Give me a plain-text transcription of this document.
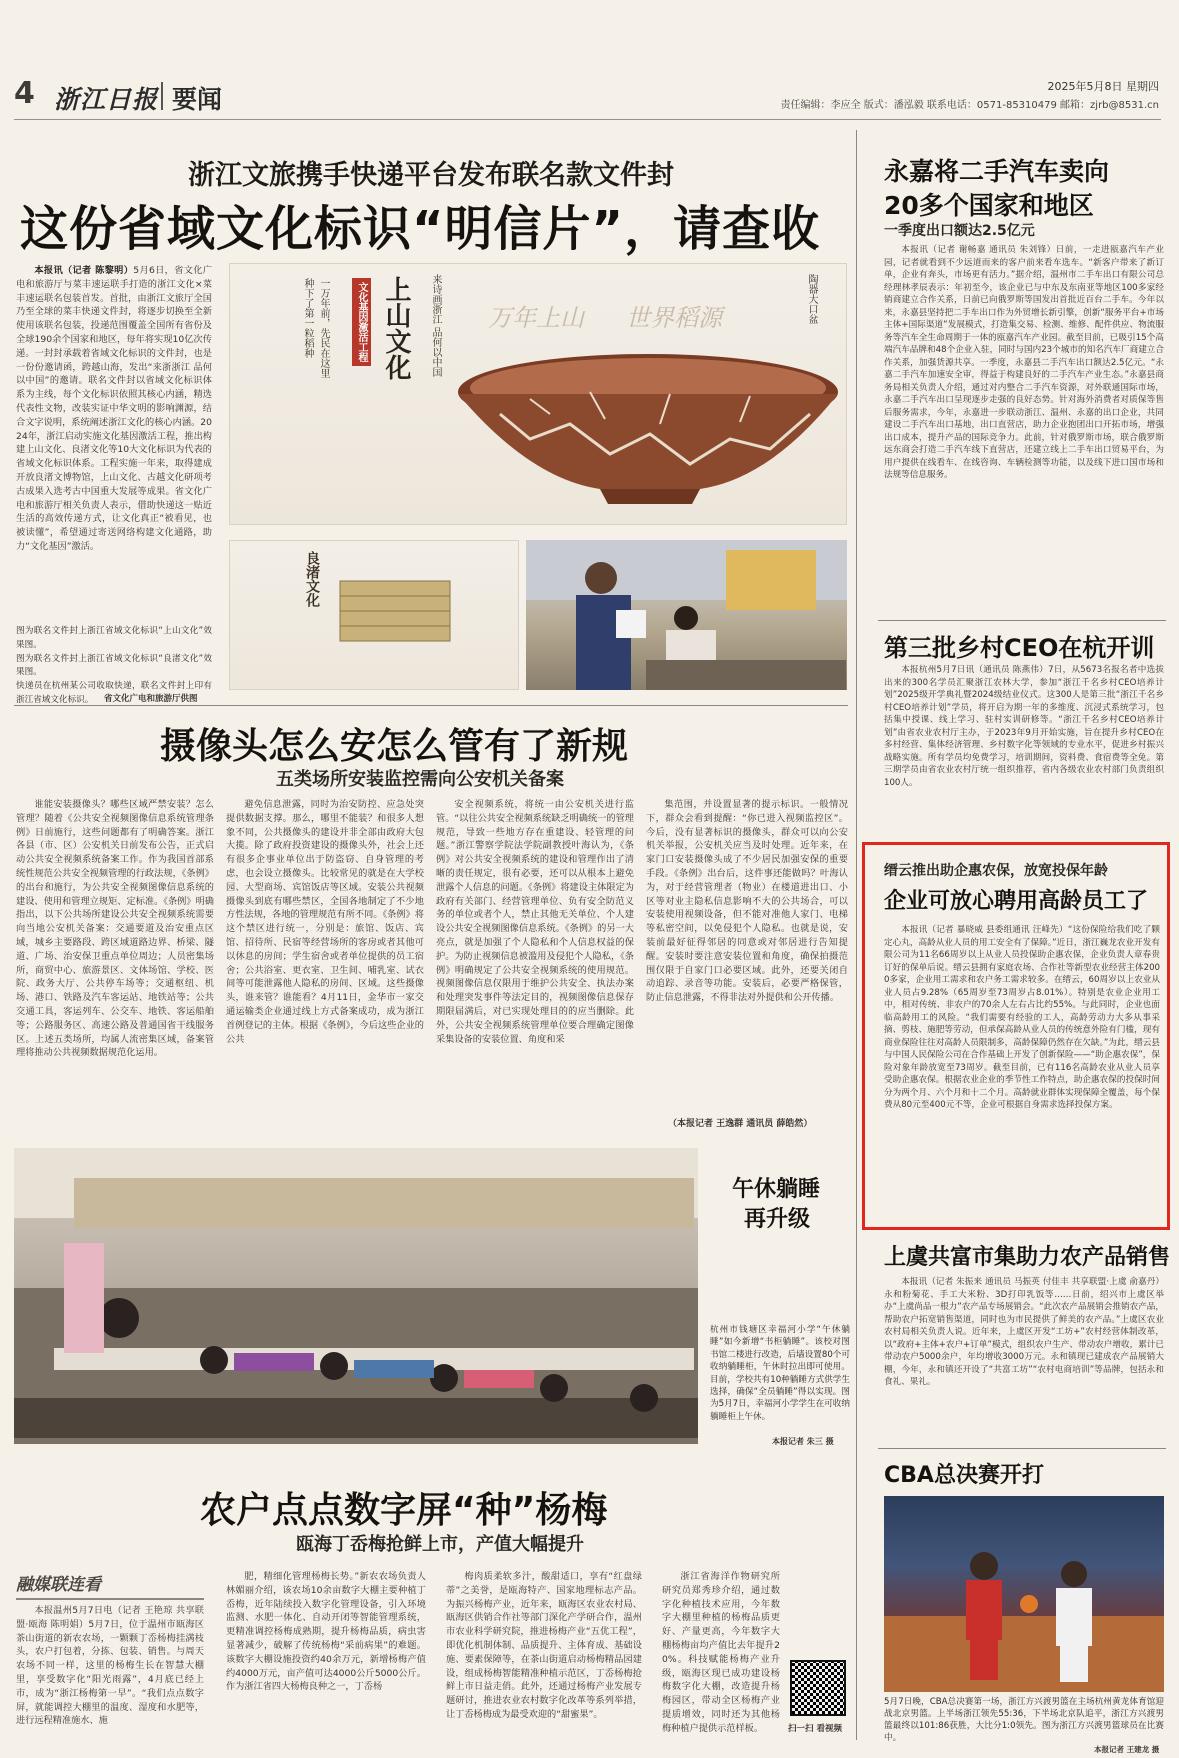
4 浙江日报 要闻	2025年5月8日 星期四
责任编辑：李应全 版式：潘泓毅 联系电话：0571-85310479 邮箱：zjrb@8531.cn
浙江文旅携手快递平台发布联名款文件封
这份省域文化标识“明信片”，请查收

本报讯（记者 陈黎明）5月6日，省文化广电和旅游厅与菜丰速运联手打造的浙江文化×菜丰速运联名包装首发。首批，由浙江文旅厅全国乃至全球的菜丰快递文件封，将逐步切换至全新使用该联名包装，投递范围覆盖全国所有省份及全球190余个国家和地区，每年将实现10亿次传递。一封封承载着省域文化标识的文件封，也是一份份邀请函，跨越山海，发出“来浙浙江 品何以中国”的邀请。联名文件封以省域文化标识体系为主线，每个文化标识依照其核心内涵，精选代表性文物，改装实证中华文明的影响渊源，结合文字说明，系统阐述浙江文化的核心内涵。2024年，浙江启动实施文化基因激活工程，推出构建上山文化、良渚文化等10大文化标识为代表的省域文化标识体系。工程实施一年来，取得建成开放良渚文博物馆，上山文化、古越文化研项考古成果入选考古中国重大发展等成果。省文化广电和旅游厅相关负责人表示，借助快递这一贴近生活的高效传递方式，让文化真正“被看见，也被读懂”，希望通过寄送网络构建文化通路，助力“文化基因”激活。

图为联名文件封上浙江省域文化标识“上山文化”效果图。
图为联名文件封上浙江省域文化标识“良渚文化”效果图。
快递员在杭州某公司收取快递，联名文件封上印有浙江省域文化标识。	省文化广电和旅游厅供图
上山文化
文化基因激活工程	来诗画浙江 品何以中国
一万年前，先民在这里
种下了第一粒稻种	陶器大口盆
万年上山 世界稻源
良渚文化
摄像头怎么安怎么管有了新规
五类场所安装监控需向公安机关备案

谁能安装摄像头？哪些区域严禁安装？怎么管理？随着《公共安全视频图像信息系统管理条例》日前施行，这些问题都有了明确答案。浙江各县（市、区）公安机关日前发布公告，正式启动公共安全视频系统备案工作。作为我国首部系统性规范公共安全视频管理的行政法规，《条例》的出台和施行，为公共安全视频图像信息系统的建设、使用和管理立规矩、定标准。《条例》明确指出，以下公共场所建设公共安全视频系统需要向当地公安机关备案：交通要道及治安重点区域，城乡主要路段、跨区域道路边界、桥梁、隧道、广场、治安保卫重点单位周边；人员密集场所，商贸中心、旅游景区、文体场馆、学校、医院、政务大厅、公共停车场等；交通枢纽、机场、港口、铁路及汽车客运站、地铁站等；公共交通工具，客运列车、公交车、地铁、客运船舶等；公路服务区、高速公路及普通国省干线服务区。上述五类场所，均属人流密集区域，备案管理将推动公共视频数据规范化运用。

避免信息泄露，同时为治安防控、应急处突提供数据支撑。那么，哪里不能装？和很多人想象不同，公共摄像头的建设并非全部由政府大包大揽。除了政府投资建设的摄像头外，社会上还有很多企事业单位出于防盗窃、自身管理的考虑，也会设立摄像头。比较常见的就是在大学校园、大型商场、宾馆饭店等区域。安装公共视频摄像头到底有哪些禁区，全国各地制定了不少地方性法规，各地的管理规范有所不同。《条例》将这个禁区进行统一，分别是：旅馆、饭店、宾馆、招待所、民宿等经营场所的客房或者其他可以休息的房间；学生宿舍或者单位提供的员工宿舍；公共浴室、更衣室、卫生间、哺乳室、试衣间等可能泄露他人隐私的房间、区域。这些摄像头，谁来管？谁能看？4月11日，金华市一家交通运输类企业通过线上方式备案成功，成为浙江首例登记的主体。根据《条例》，今后这些企业的公共

安全视频系统，将统一由公安机关进行监管。“以往公共安全视频系统缺乏明确统一的管理规范，导致一些地方存在重建设、轻管理的问题。”浙江警察学院法学院副教授叶海认为，《条例》对公共安全视频系统的建设和管理作出了清晰的责任规定，很有必要，还可以从根本上避免泄露个人信息的问题。《条例》将建设主体限定为政府有关部门、经营管理单位、负有安全防范义务的单位或者个人，禁止其他无关单位、个人建设公共安全视频图像信息系统。《条例》的另一大亮点，就是加强了个人隐私和个人信息权益的保护。为防止视频信息被滥用及侵犯个人隐私，《条例》明确规定了公共安全视频系统的使用规范。视频图像信息仅限用于维护公共安全、执法办案和处理突发事件等法定目的，视频图像信息保存期限届满后，对已实现处理目的的应当删除。此外，公共安全视频系统管理单位要合理确定图像采集设备的安装位置、角度和采

集范围，并设置显著的提示标识。一般情况下，群众会看到提醒：“你已进入视频监控区”。今后，没有显著标识的摄像头，群众可以向公安机关举报，公安机关应当及时处理。近年来，在家门口安装摄像头成了不少居民加强安保的重要手段。《条例》出台后，这件事还能做吗？叶海认为，对于经营管理者（物业）在楼道进出口、小区等对业主隐私信息影响不大的公共场合，可以安装使用视频设备，但不能对准他人家门、电梯等私密空间，以免侵犯个人隐私。也就是说，安装前最好征得邻居的同意或对邻居进行告知提醒。安装时要注意安装位置和角度，确保拍摄范围仅限于自家门口必要区域。此外，还要关闭自动追踪、录音等功能。安装后，必要严格保管，防止信息泄露，不得非法对外提供和公开传播。

（本报记者 王逸群 通讯员 薛皓然）
午休躺睡
再升级
杭州市钱塘区幸福河小学“午休躺睡”如今新增“书柜躺睡”。该校对图书馆二楼进行改造，后墙设置80个可收纳躺睡柜，午休时拉出即可使用。目前，学校共有10种躺睡方式供学生选择，确保“全员躺睡”得以实现。图为5月7日，幸福河小学学生在可收纳躺睡柜上午休。
本报记者 朱三 摄
农户点点数字屏“种”杨梅
瓯海丁岙梅抢鲜上市，产值大幅提升
融媒联连看

本报温州5月7日电（记者 王艳琼 共享联盟·瓯海 陈明娟）5月7日，位于温州市瓯海区茶山街道的新农农场，一颗颗丁岙杨梅挂满枝头，农户打包着，分拣、包装、销售。与周天农场不同一样，这里的杨梅生长在智慧大棚里，享受数字化“阳光雨露”，4月底已经上市，成为“浙江杨梅第一早”。“我们点点数字屏，就能调控大棚里的温度、湿度和水肥等，进行远程精准施水、施

肥，精细化管理杨梅长势。”新农农场负责人林媚丽介绍，该农场10余亩数字大棚主要种植丁岙梅，近年陆续投入数字化管理设备，引入环境监测、水肥一体化、自动开闭等智能管理系统，更精准调控杨梅成熟期，提升杨梅品质，病虫害显著减少，破解了传统杨梅“采前病果”的难题。该数字大棚设施投资约40余万元，新增杨梅产值约4000万元，亩产值可达4000公斤5000公斤。作为浙江省四大杨梅良种之一，丁岙杨

梅肉质柔软多汁，酸甜适口，享有“红盘绿蒂”之美誉，是瓯海特产、国家地理标志产品。为振兴杨梅产业，近年来，瓯海区农业农村局、瓯海区供销合作社等部门深化产学研合作，温州市农业科学研究院，推进杨梅产业“五优工程”，即优化机制体制、品质提升、主体育成、基础设施、要素保障等，在茶山街道启动杨梅精品园建设，组成杨梅智能精准种植示范区，丁岙杨梅抢鲜上市日益走俏。此外，还通过杨梅产业发展专题研讨，推进农业农村数字化改革等系列举措，让丁岙杨梅成为最受欢迎的“甜蜜果”。

浙江省海洋作物研究所研究员郑秀珍介绍，通过数字化种植技术应用，今年数字大棚里种植的杨梅品质更好、产量更高，今年数字大棚杨梅亩均产值比去年提升20%。科技赋能杨梅产业升级，瓯海区现已成功建设杨梅数字化大棚，改造提升杨梅园区，带动全区杨梅产业提质增效，同时还为其他杨梅种植户提供示范样板。	扫一扫 看视频
永嘉将二手汽车卖向
20多个国家和地区
一季度出口额达2.5亿元

本报讯（记者 谢畅嘉 通讯员 朱刘锋）日前，一走进瓯嘉汽车产业园，记者就看到不少远道而来的客户前来看车选车。“新客户带来了新订单，企业有奔头，市场更有活力。”据介绍，温州市二手车出口有限公司总经理林孝辰表示：年初至今，该企业已与中东及东南亚等地区100多家经销商建立合作关系，日前已向俄罗斯等国发出首批近百台二手车。今年以来，永嘉县坚持把二手车出口作为外贸增长新引擎，创新“服务平台+市场主体+国际渠道”发展模式，打造集交易、检测、维修、配件供应、物流服务等汽车全生命周期于一体的瓯嘉汽车产业园。截至目前，已吸引15个高端汽车品牌和48个企业入驻，同时与国内23个城市的知名汽车厂商建立合作关系，加强货源共享。一季度，永嘉县二手汽车出口额达2.5亿元。“永嘉二手汽车加速安全审，得益于构建良好的二手汽车产业生态。”永嘉县商务局相关负责人介绍，通过对内整合二手汽车资源，对外联通国际市场，永嘉二手汽车出口呈现逐步走强的良好态势。针对海外消费者对质保等售后服务需求，今年，永嘉进一步联动浙江、温州、永嘉的出口企业，共同建设二手汽车出口基地，出口直营店，助力企业抱团出口开拓市场，增强出口成本，提升产品的国际竞争力。此前，针对俄罗斯市场，联合俄罗斯远东商会打造二手汽车线下直营店，还建立线上二手车出口贸易平台，为用户提供在线看车、在线咨询、车辆检测等功能，以及线下进口国市场和法规等信息服务。

第三批乡村CEO在杭开训

本报杭州5月7日讯（通讯员 陈燕伟）7日，从5673名报名者中选拔出来的300名学员汇聚浙江农林大学，参加“浙江千名乡村CEO培养计划”2025级开学典礼暨2024级结业仪式。这300人是第三批“浙江千名乡村CEO培养计划”学员，将开启为期一年的多维度、沉浸式系统学习，包括集中授课、线上学习、驻村实训研修等。“浙江千名乡村CEO培养计划”由省农业农村厅主办，于2023年9月开始实施，旨在提升乡村CEO在多村经营、集体经济管理、乡村数字化等领域的专业水平，促进乡村振兴战略实施。所有学员均免费学习，培训期间，资料费、食宿费等全免。第三期学员由省农业农村厅统一组织推荐，省内各级农业农村部门负责组织100人。

缙云推出助企惠农保，放宽投保年龄
企业可放心聘用高龄员工了

本报讯（记者 暴晓威 县委组通讯 汪峰先）“这份保险给我们吃了颗定心丸，高龄从业人员的用工安全有了保障。”近日，浙江巍龙农业开发有限公司为11名66周岁以上从业人员投保助企惠农保，企业负责人章春贵订好的保单后说。缙云县拥有家庭农场、合作社等新型农业经营主体2000多家，企业用工需求和农户务工需求较多。在缙云，60周岁以上农业从业人员占9.28%（65周岁至73周岁占8.01%）。特别是农业企业用工中，相对传统、非农户的70余人左右占比约55%。与此同时，企业也面临高龄用工的风险。“我们需要有经验的工人，高龄劳动力大多从事采摘、剪枝、施肥等劳动，但承保高龄从业人员的传统意外险有门槛，现有商业保险往往对高龄人员限制多，高龄保障仍然存在欠缺。”为此，缙云县与中国人民保险公司在合作基础上开发了创新保险——“助企惠农保”，保险对象年龄放宽至73周岁。截至目前，已有116名高龄农业从业人员享受助企惠农保。根据农业企业的季节性工作特点，助企惠农保的投保时间分为两个月、六个月和十二个月。高龄就业群体实现保障全覆盖，每个保费从80元至400元不等，企业可根据自身需求选择投保方案。

上虞共富市集助力农产品销售

本报讯（记者 朱振来 通讯员 马振英 付佳丰 共享联盟·上虞 俞嘉丹）永和粉菊花、手工大米粉、3D打印乳饭等……日前，绍兴市上虞区举办“上虞尚品一根力”农产品专场展销会。“此次农产品展销会推销农产品，帮助农户拓宽销售渠道，同时也为市民提供了鲜美的农产品。”上虞区农业农村局相关负责人说。近年来，上虞区开发“工坊+”农村经营体制改革，以“政府+主体+农户+订单”模式，组织农户生产、带动农户增收，累计已带动农户5000余户，年均增收3000万元。永和镇现已建成农产品展销大棚，今年，永和镇还开设了“共富工坊”“农村电商培训”等品牌，包括永和食礼、果礼。

CBA总决赛开打
5月7日晚，CBA总决赛第一场，浙江方兴渡男篮在主场杭州黄龙体育馆迎战北京男篮。上半场浙江领先55:36，下半场北京队追平，浙江方兴渡男篮最终以101:86获胜，大比分1:0领先。图为浙江方兴渡男篮球员在比赛中。
本报记者 王建龙 摄
